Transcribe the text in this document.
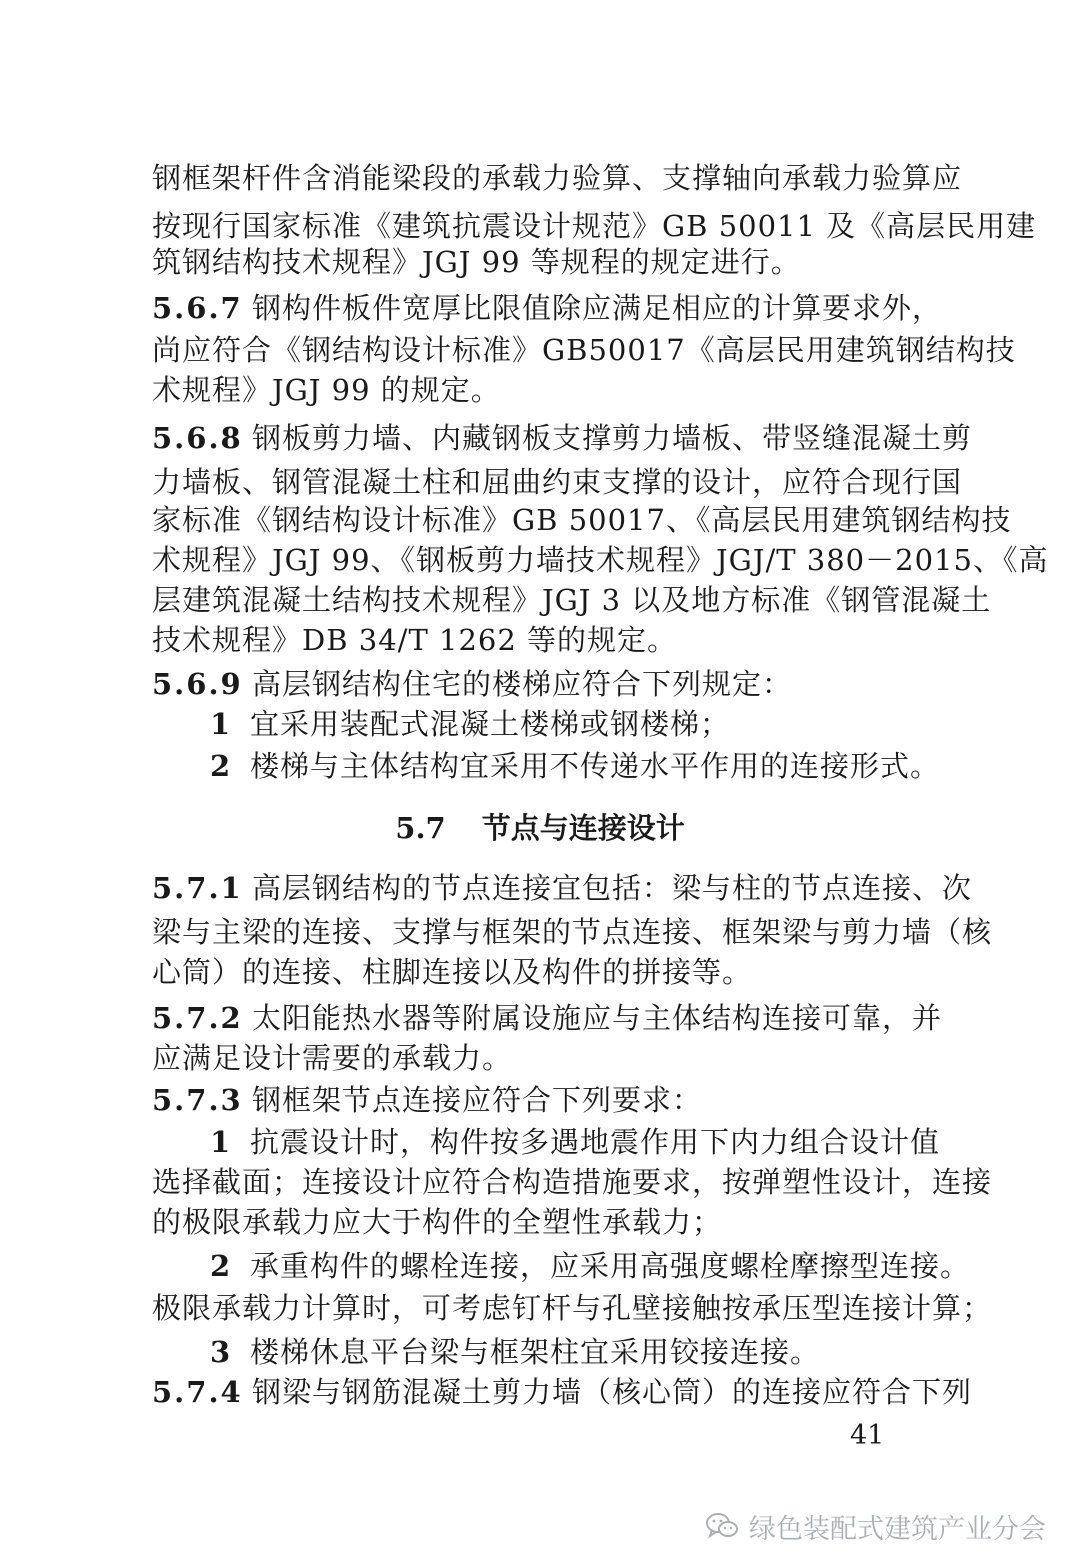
钢框架杆件含消能梁段的承载力验算、支撑轴向承载力验算应
按现行国家标准《建筑抗震设计规范》GB 50011 及《高层民用建
筑钢结构技术规程》JGJ 99 等规程的规定进行。
5.6.7 钢构件板件宽厚比限值除应满足相应的计算要求外，
尚应符合《钢结构设计标准》GB50017《高层民用建筑钢结构技
术规程》JGJ 99 的规定。
5.6.8 钢板剪力墙、内藏钢板支撑剪力墙板、带竖缝混凝土剪
力墙板、钢管混凝土柱和屈曲约束支撑的设计，应符合现行国
家标准《钢结构设计标准》GB 50017、《高层民用建筑钢结构技
术规程》JGJ 99、《钢板剪力墙技术规程》JGJ/T 380－2015、《高
层建筑混凝土结构技术规程》JGJ 3 以及地方标准《钢管混凝土
技术规程》DB 34/T 1262 等的规定。
5.6.9 高层钢结构住宅的楼梯应符合下列规定：
1 宜采用装配式混凝土楼梯或钢楼梯；
2 楼梯与主体结构宜采用不传递水平作用的连接形式。
5.7 节点与连接设计
5.7.1 高层钢结构的节点连接宜包括：梁与柱的节点连接、次
梁与主梁的连接、支撑与框架的节点连接、框架梁与剪力墙（核
心筒）的连接、柱脚连接以及构件的拼接等。
5.7.2 太阳能热水器等附属设施应与主体结构连接可靠，并
应满足设计需要的承载力。
5.7.3 钢框架节点连接应符合下列要求：
1 抗震设计时，构件按多遇地震作用下内力组合设计值
选择截面；连接设计应符合构造措施要求，按弹塑性设计，连接
的极限承载力应大于构件的全塑性承载力；
2 承重构件的螺栓连接，应采用高强度螺栓摩擦型连接。
极限承载力计算时，可考虑钉杆与孔壁接触按承压型连接计算；
3 楼梯休息平台梁与框架柱宜采用铰接连接。
5.7.4 钢梁与钢筋混凝土剪力墙（核心筒）的连接应符合下列
41
绿色装配式建筑产业分会
